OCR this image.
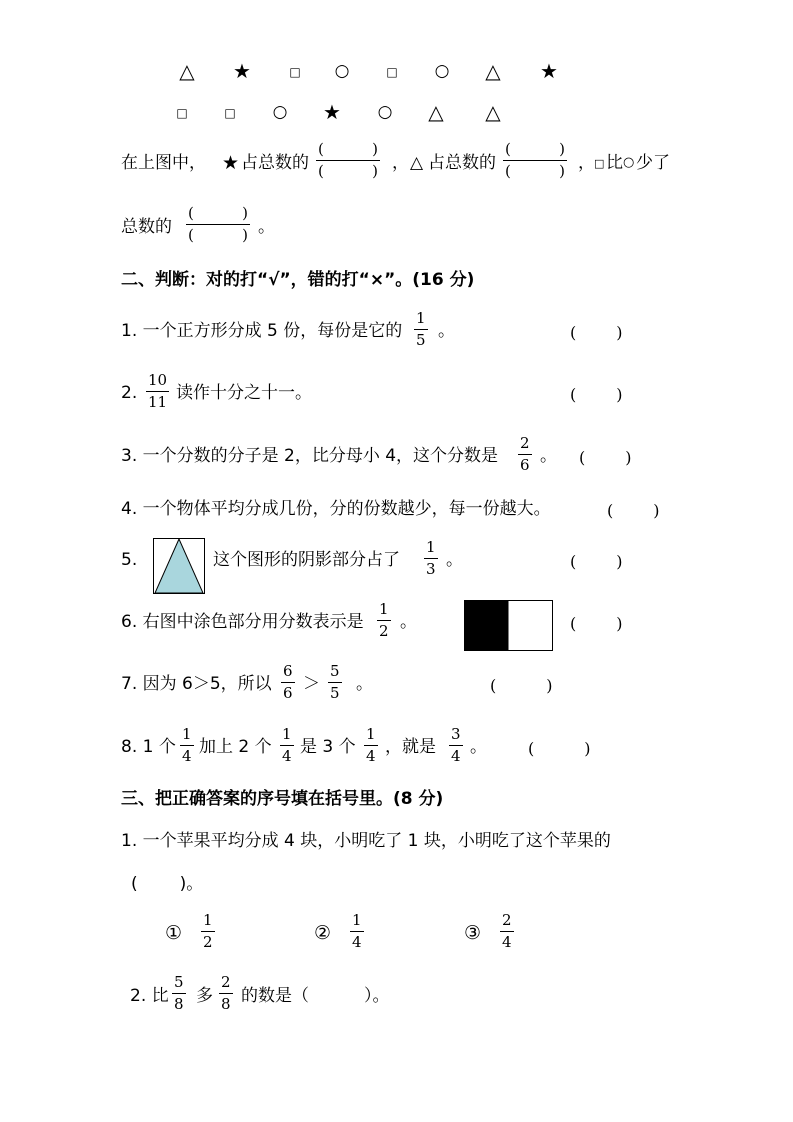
△ ★	□	○	□	○ △ ★
□	□	○ ★ ○ △ △
在上图中， ★ 占总数的
(	)
(	) ， △ 占总数的
(	)
(	) ， □ 比 ○ 少了
总数的
(	)
(	) 。
二、判断：对的打“√”，错的打“×”。(16 分)
1. 一个正方形分成 5 份，每份是它的
1
5 。	(	)
2.
10
11 读作十分之十一。	(	)
3. 一个分数的分子是 2，比分母小 4，这个分数是
2
6 。 (	)
4. 一个物体平均分成几份，分的份数越少，每一份越大。	(	)
5.	这个图形的阴影部分占了
1
3 。	(	)
6. 右图中涂色部分用分数表示是
1
2 。	(	)
7. 因为 6＞5，所以
6
6 ＞
5
5 。	(	)
8. 1 个
1
4 加上 2 个
1
4 是 3 个
1
4 ，就是
3
4 。	(	)
三、把正确答案的序号填在括号里。(8 分)
1. 一个苹果平均分成 4 块，小明吃了 1 块，小明吃了这个苹果的
( )。
①
1
2	②
1
4	③
2
4
2. 比
5
8 多
2
8 的数是（	）。
